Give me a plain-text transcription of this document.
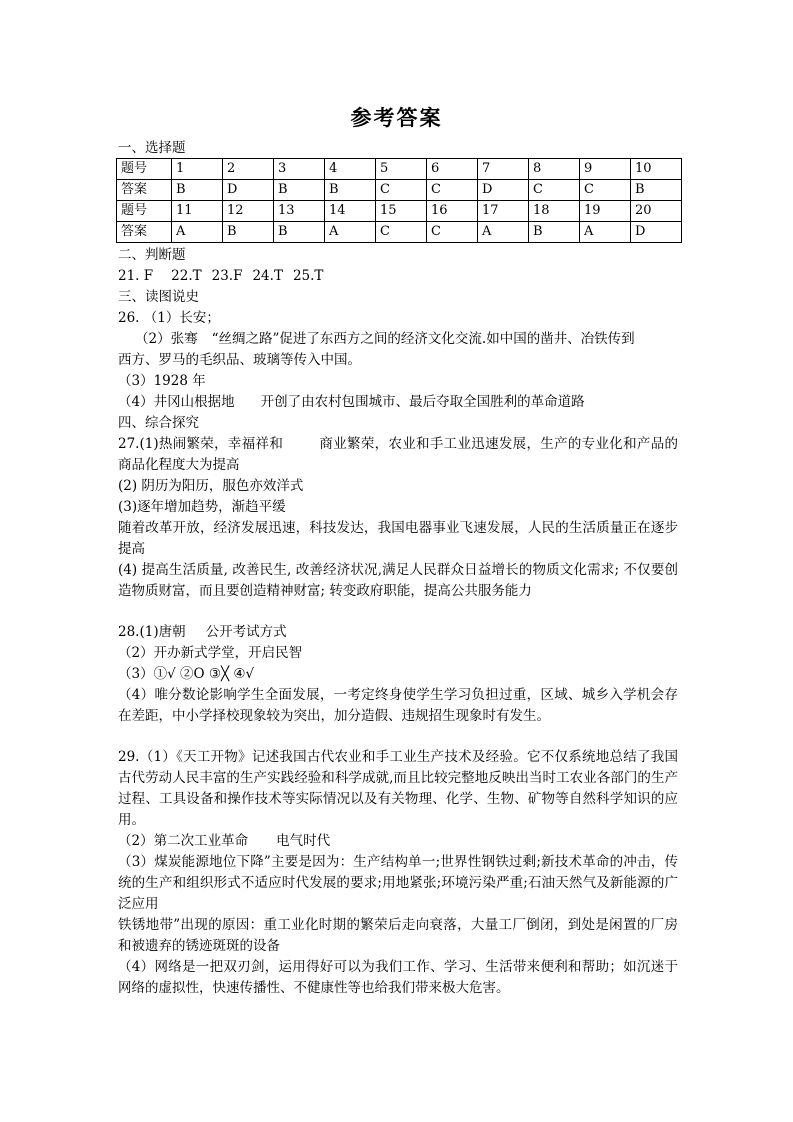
参考答案
一、选择题
题号	1	2	3	4	5	6	7	8	9	10
答案	B	D	B	B	C	C	D	C	C	B
题号	11	12	13	14	15	16	17	18	19	20
答案	A	B	B	A	C	C	A	B	A	D
二、判断题
21. F 22.T 23.F 24.T 25.T
三、读图说史
26. （1）长安；
（2）张骞 “丝绸之路”促进了东西方之间的经济文化交流.如中国的凿井、冶铁传到
西方、罗马的毛织品、玻璃等传入中国。
（3）1928 年
（4）井冈山根据地 开创了由农村包围城市、最后夺取全国胜利的革命道路
四、综合探究
27.(1)热闹繁荣，幸福祥和	商业繁荣，农业和手工业迅速发展，生产的专业化和产品的商品化程度大为提高
(2) 阴历为阳历，服色亦效洋式
(3)逐年增加趋势，渐趋平缓
随着改革开放，经济发展迅速，科技发达，我国电器事业飞速发展，人民的生活质量正在逐步提高
(4) 提高生活质量, 改善民生, 改善经济状况,满足人民群众日益增长的物质文化需求; 不仅要创造物质财富，而且要创造精神财富; 转变政府职能，提高公共服务能力
28.(1)唐朝 公开考试方式
（2）开办新式学堂，开启民智
（3）①√ ②O ③╳ ④√
（4）唯分数论影响学生全面发展，一考定终身使学生学习负担过重，区域、城乡入学机会存在差距，中小学择校现象较为突出，加分造假、违规招生现象时有发生。
29.（1）《天工开物》记述我国古代农业和手工业生产技术及经验。它不仅系统地总结了我国古代劳动人民丰富的生产实践经验和科学成就,而且比较完整地反映出当时工农业各部门的生产过程、工具设备和操作技术等实际情况以及有关物理、化学、生物、矿物等自然科学知识的应用。
（2）第二次工业革命 电气时代
（3）煤炭能源地位下降”主要是因为：生产结构单一;世界性钢铁过剩;新技术革命的冲击，传统的生产和组织形式不适应时代发展的要求;用地紧张;环境污染严重;石油天然气及新能源的广泛应用
铁锈地带”出现的原因：重工业化时期的繁荣后走向衰落，大量工厂倒闭，到处是闲置的厂房和被遗弃的锈迹斑斑的设备
（4）网络是一把双刃剑，运用得好可以为我们工作、学习、生活带来便利和帮助；如沉迷于网络的虚拟性，快速传播性、不健康性等也给我们带来极大危害。
